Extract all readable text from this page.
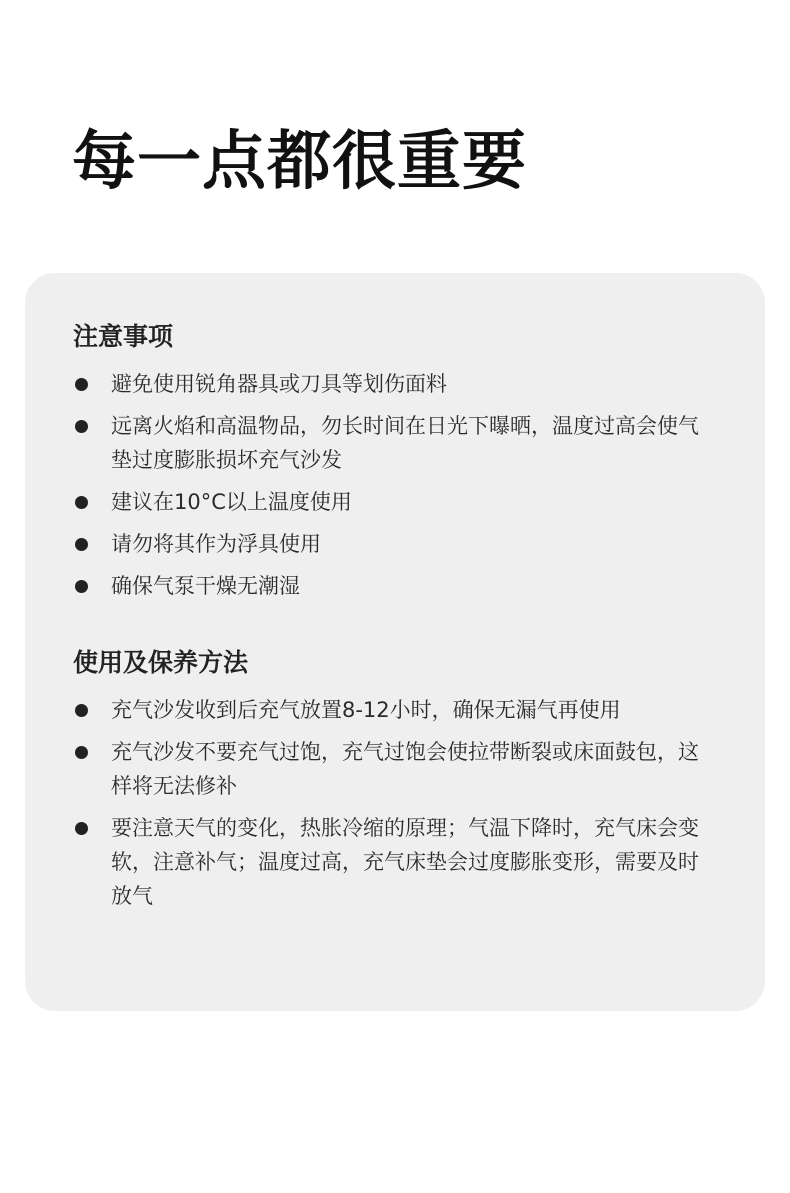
每一点都很重要
注意事项
避免使用锐角器具或刀具等划伤面料
远离火焰和高温物品，勿长时间在日光下曝晒，温度过高会使气垫过度膨胀损坏充气沙发
建议在10°C以上温度使用
请勿将其作为浮具使用
确保气泵干燥无潮湿
使用及保养方法
充气沙发收到后充气放置8-12小时，确保无漏气再使用
充气沙发不要充气过饱，充气过饱会使拉带断裂或床面鼓包，这样将无法修补
要注意天气的变化，热胀冷缩的原理；气温下降时，充气床会变软，注意补气；温度过高，充气床垫会过度膨胀变形，需要及时放气
